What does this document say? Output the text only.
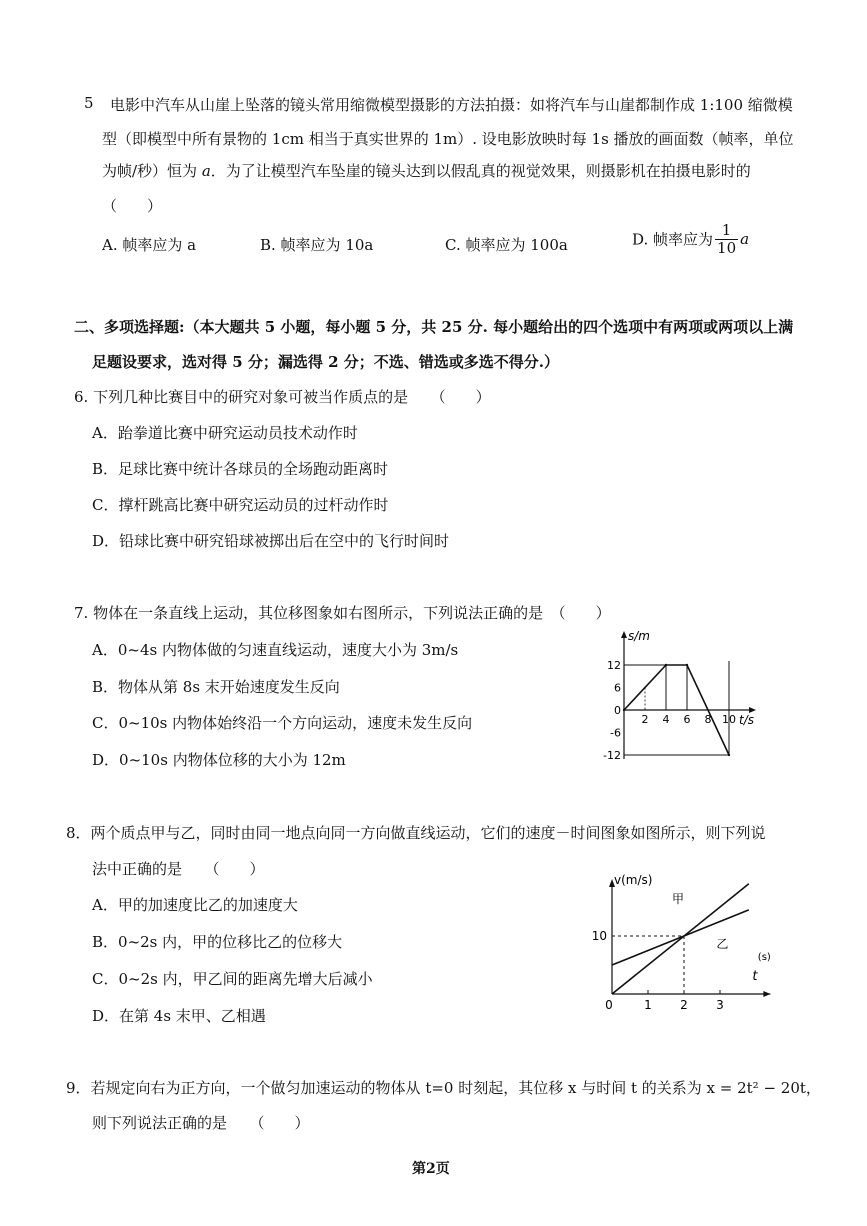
5 电影中汽车从山崖上坠落的镜头常用缩微模型摄影的方法拍摄：如将汽车与山崖都制作成 1:100 缩微模
型（即模型中所有景物的 1cm 相当于真实世界的 1m）. 设电影放映时每 1s 播放的画面数（帧率，单位
为帧/秒）恒为 a．为了让模型汽车坠崖的镜头达到以假乱真的视觉效果，则摄影机在拍摄电影时的
（　　）
A. 帧率应为 a	B. 帧率应为 10a	C. 帧率应为 100a	D. 帧率应为 $\frac{1}{10}$ a
二、多项选择题:（本大题共 5 小题，每小题 5 分，共 25 分. 每小题给出的四个选项中有两项或两项以上满
足题设要求，选对得 5 分；漏选得 2 分；不选、错选或多选不得分.）
6. 下列几种比赛目中的研究对象可被当作质点的是　　（　　）
A．跆拳道比赛中研究运动员技术动作时
B．足球比赛中统计各球员的全场跑动距离时
C．撑杆跳高比赛中研究运动员的过杆动作时
D．铅球比赛中研究铅球被掷出后在空中的飞行时间时
7. 物体在一条直线上运动，其位移图象如右图所示，下列说法正确的是　（　　）
A．0~4s 内物体做的匀速直线运动，速度大小为 3m/s
B．物体从第 8s 末开始速度发生反向
C．0~10s 内物体始终沿一个方向运动，速度未发生反向
D．0~10s 内物体位移的大小为 12m
s/m
t/s
12
6
0
-6
-12
2 4 6 8 10
8．两个质点甲与乙，同时由同一地点向同一方向做直线运动，它们的速度－时间图象如图所示，则下列说
法中正确的是　　（　　）
A．甲的加速度比乙的加速度大
B．0~2s 内，甲的位移比乙的位移大
C．0~2s 内，甲乙间的距离先增大后减小
D．在第 4s 末甲、乙相遇
甲
乙
v(m/s)
t
(s)
10
0	1 2 3
9．若规定向右为正方向，一个做匀加速运动的物体从 t=0 时刻起，其位移 x 与时间 t 的关系为 x = 2t² − 20t，
则下列说法正确的是　　（　　）
第2页
